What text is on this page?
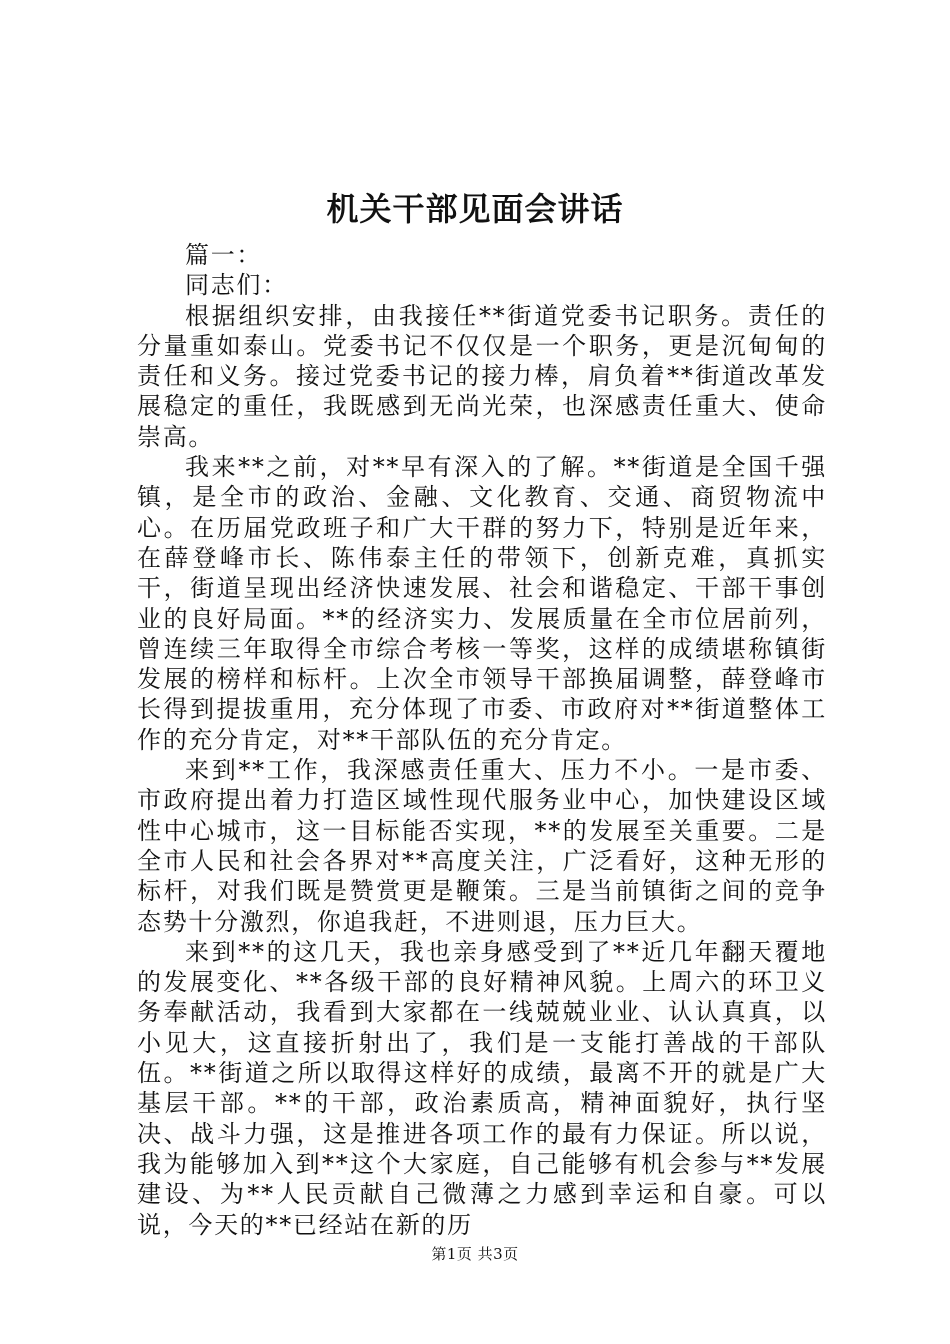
机关干部见面会讲话

篇一：

同志们：

根据组织安排，由我接任**街道党委书记职务。责任的分量重如泰山。党委书记不仅仅是一个职务，更是沉甸甸的责任和义务。接过党委书记的接力棒，肩负着**街道改革发展稳定的重任，我既感到无尚光荣，也深感责任重大、使命崇高。

我来**之前，对**早有深入的了解。**街道是全国千强镇，是全市的政治、金融、文化教育、交通、商贸物流中心。在历届党政班子和广大干群的努力下，特别是近年来，在薛登峰市长、陈伟泰主任的带领下，创新克难，真抓实干，街道呈现出经济快速发展、社会和谐稳定、干部干事创业的良好局面。**的经济实力、发展质量在全市位居前列，曾连续三年取得全市综合考核一等奖，这样的成绩堪称镇街发展的榜样和标杆。上次全市领导干部换届调整，薛登峰市长得到提拔重用，充分体现了市委、市政府对**街道整体工作的充分肯定，对**干部队伍的充分肯定。

来到**工作，我深感责任重大、压力不小。一是市委、市政府提出着力打造区域性现代服务业中心，加快建设区域性中心城市，这一目标能否实现，**的发展至关重要。二是全市人民和社会各界对**高度关注，广泛看好，这种无形的标杆，对我们既是赞赏更是鞭策。三是当前镇街之间的竞争态势十分激烈，你追我赶，不进则退，压力巨大。

来到**的这几天，我也亲身感受到了**近几年翻天覆地的发展变化、**各级干部的良好精神风貌。上周六的环卫义务奉献活动，我看到大家都在一线兢兢业业、认认真真，以小见大，这直接折射出了，我们是一支能打善战的干部队伍。**街道之所以取得这样好的成绩，最离不开的就是广大基层干部。**的干部，政治素质高，精神面貌好，执行坚决、战斗力强，这是推进各项工作的最有力保证。所以说，我为能够加入到**这个大家庭，自己能够有机会参与**发展建设、为**人民贡献自己微薄之力感到幸运和自豪。可以说，今天的**已经站在新的历

第1页 共3页
